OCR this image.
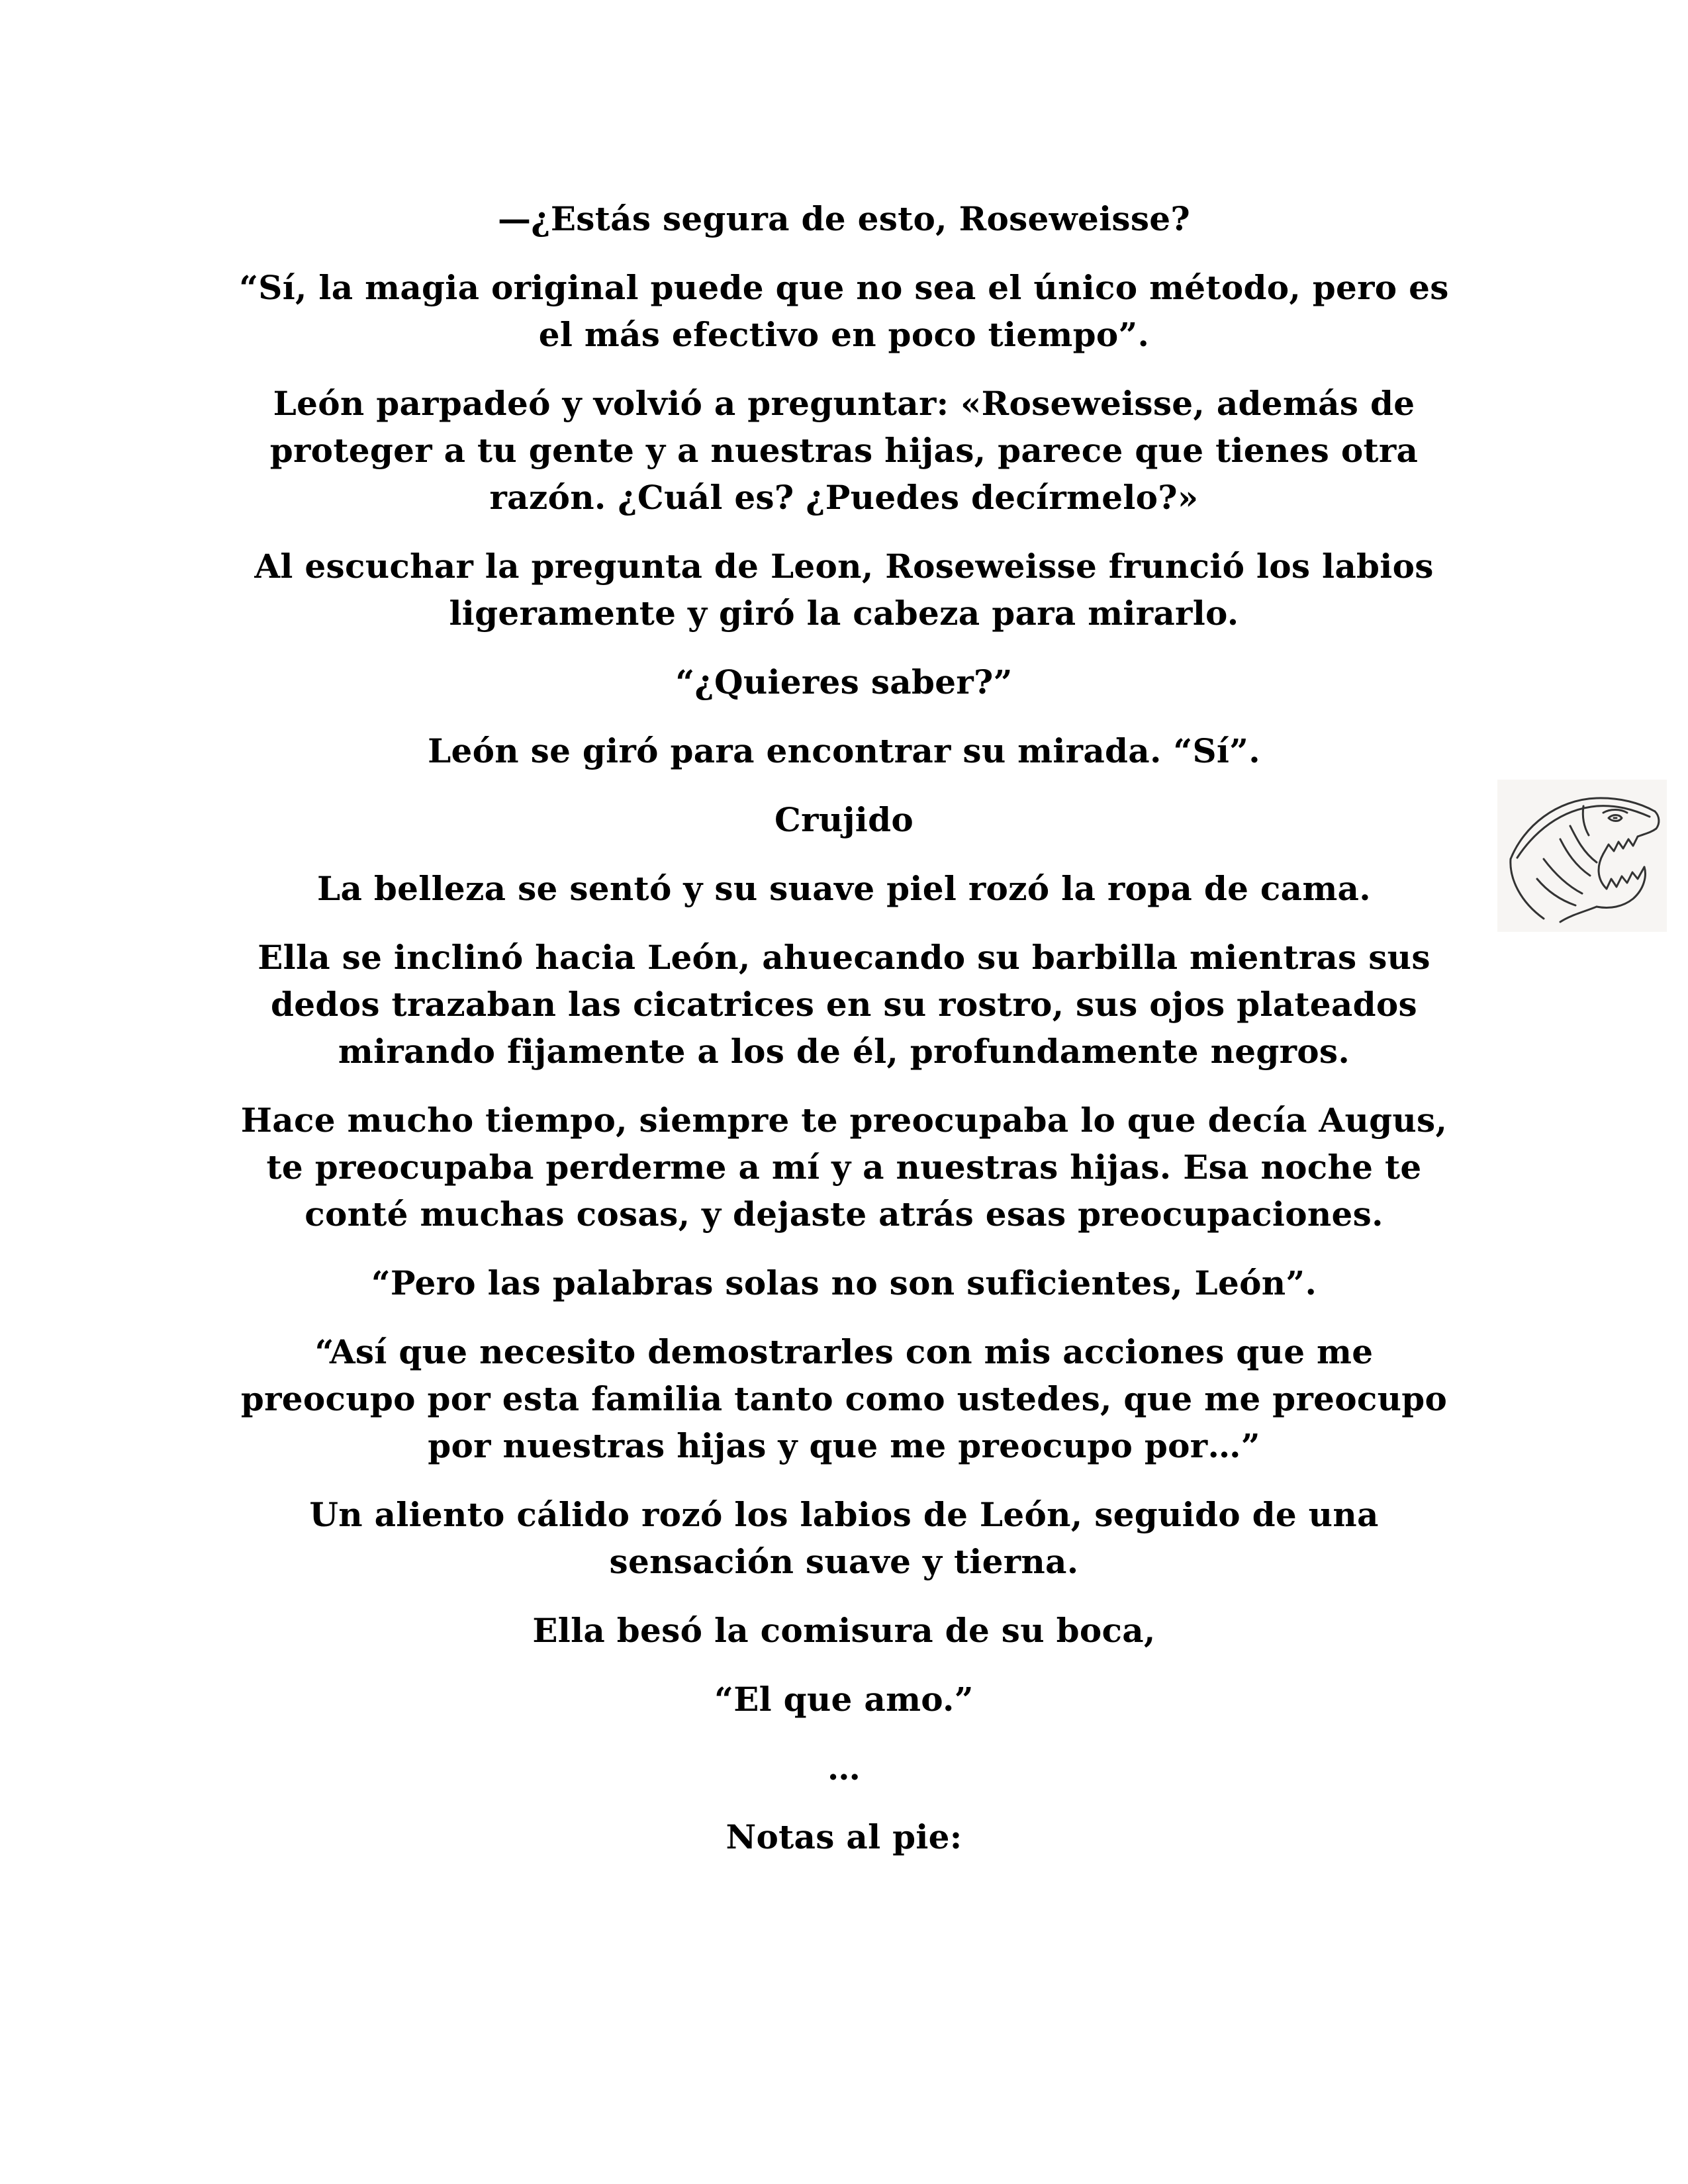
—¿Estás segura de esto, Roseweisse?

“Sí, la magia original puede que no sea el único método, pero es el más efectivo en poco tiempo”.

León parpadeó y volvió a preguntar: «Roseweisse, además de proteger a tu gente y a nuestras hijas, parece que tienes otra razón. ¿Cuál es? ¿Puedes decírmelo?»

Al escuchar la pregunta de Leon, Roseweisse frunció los labios ligeramente y giró la cabeza para mirarlo.

“¿Quieres saber?”

León se giró para encontrar su mirada. “Sí”.

Crujido

La belleza se sentó y su suave piel rozó la ropa de cama.

Ella se inclinó hacia León, ahuecando su barbilla mientras sus dedos trazaban las cicatrices en su rostro, sus ojos plateados mirando fijamente a los de él, profundamente negros.

Hace mucho tiempo, siempre te preocupaba lo que decía Augus, te preocupaba perderme a mí y a nuestras hijas. Esa noche te conté muchas cosas, y dejaste atrás esas preocupaciones.

“Pero las palabras solas no son suficientes, León”.

“Así que necesito demostrarles con mis acciones que me preocupo por esta familia tanto como ustedes, que me preocupo por nuestras hijas y que me preocupo por…”

Un aliento cálido rozó los labios de León, seguido de una sensación suave y tierna.

Ella besó la comisura de su boca,

“El que amo.”

…

Notas al pie:
